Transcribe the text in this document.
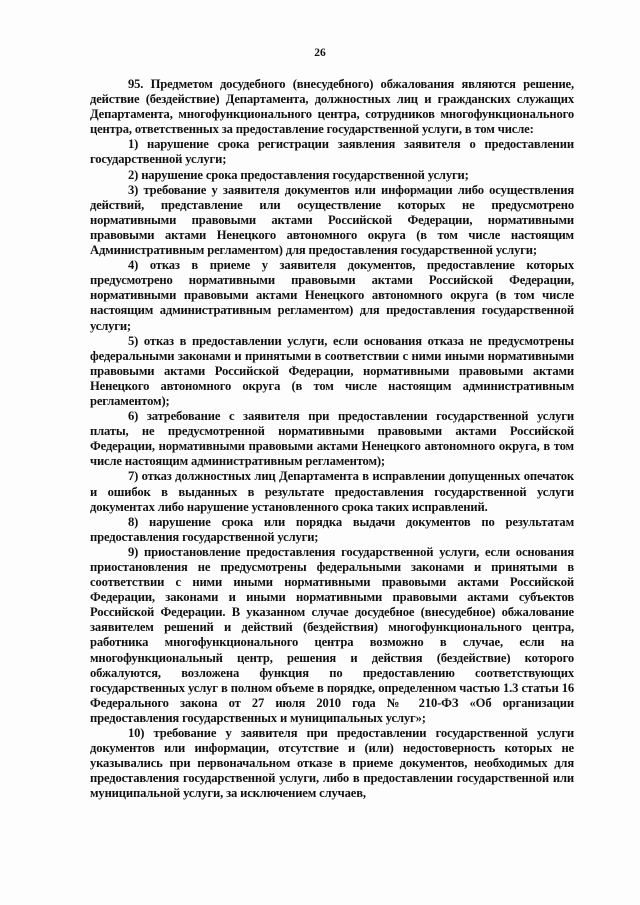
26

95. Предметом досудебного (внесудебного) обжалования являются решение, действие (бездействие) Департамента, должностных лиц и гражданских служащих Департамента, многофункционального центра, сотрудников многофункционального центра, ответственных за предоставление государственной услуги, в том числе:

1) нарушение срока регистрации заявления заявителя о предоставлении государственной услуги;

2) нарушение срока предоставления государственной услуги;

3) требование у заявителя документов или информации либо осуществления действий, представление или осуществление которых не предусмотрено нормативными правовыми актами Российской Федерации, нормативными правовыми актами Ненецкого автономного округа (в том числе настоящим Административным регламентом) для предоставления государственной услуги;

4) отказ в приеме у заявителя документов, предоставление которых предусмотрено нормативными правовыми актами Российской Федерации, нормативными правовыми актами Ненецкого автономного округа (в том числе настоящим административным регламентом) для предоставления государственной услуги;

5) отказ в предоставлении услуги, если основания отказа не предусмотрены федеральными законами и принятыми в соответствии с ними иными нормативными правовыми актами Российской Федерации, нормативными правовыми актами Ненецкого автономного округа (в том числе настоящим административным регламентом);

6) затребование с заявителя при предоставлении государственной услуги платы, не предусмотренной нормативными правовыми актами Российской Федерации, нормативными правовыми актами Ненецкого автономного округа, в том числе настоящим административным регламентом);

7) отказ должностных лиц Департамента в исправлении допущенных опечаток и ошибок в выданных в результате предоставления государственной услуги документах либо нарушение установленного срока таких исправлений.

8) нарушение срока или порядка выдачи документов по результатам предоставления государственной услуги;

9) приостановление предоставления государственной услуги, если основания приостановления не предусмотрены федеральными законами и принятыми в соответствии с ними иными нормативными правовыми актами Российской Федерации, законами и иными нормативными правовыми актами субъектов Российской Федерации. В указанном случае досудебное (внесудебное) обжалование заявителем решений и действий (бездействия) многофункционального центра, работника многофункционального центра возможно в случае, если на многофункциональный центр, решения и действия (бездействие) которого обжалуются, возложена функция по предоставлению соответствующих государственных услуг в полном объеме в порядке, определенном частью 1.3 статьи 16 Федерального закона от 27 июля 2010 года № 210-ФЗ «Об организации предоставления государственных и муниципальных услуг»;

10) требование у заявителя при предоставлении государственной услуги документов или информации, отсутствие и (или) недостоверность которых не указывались при первоначальном отказе в приеме документов, необходимых для предоставления государственной услуги, либо в предоставлении государственной или муниципальной услуги, за исключением случаев,
